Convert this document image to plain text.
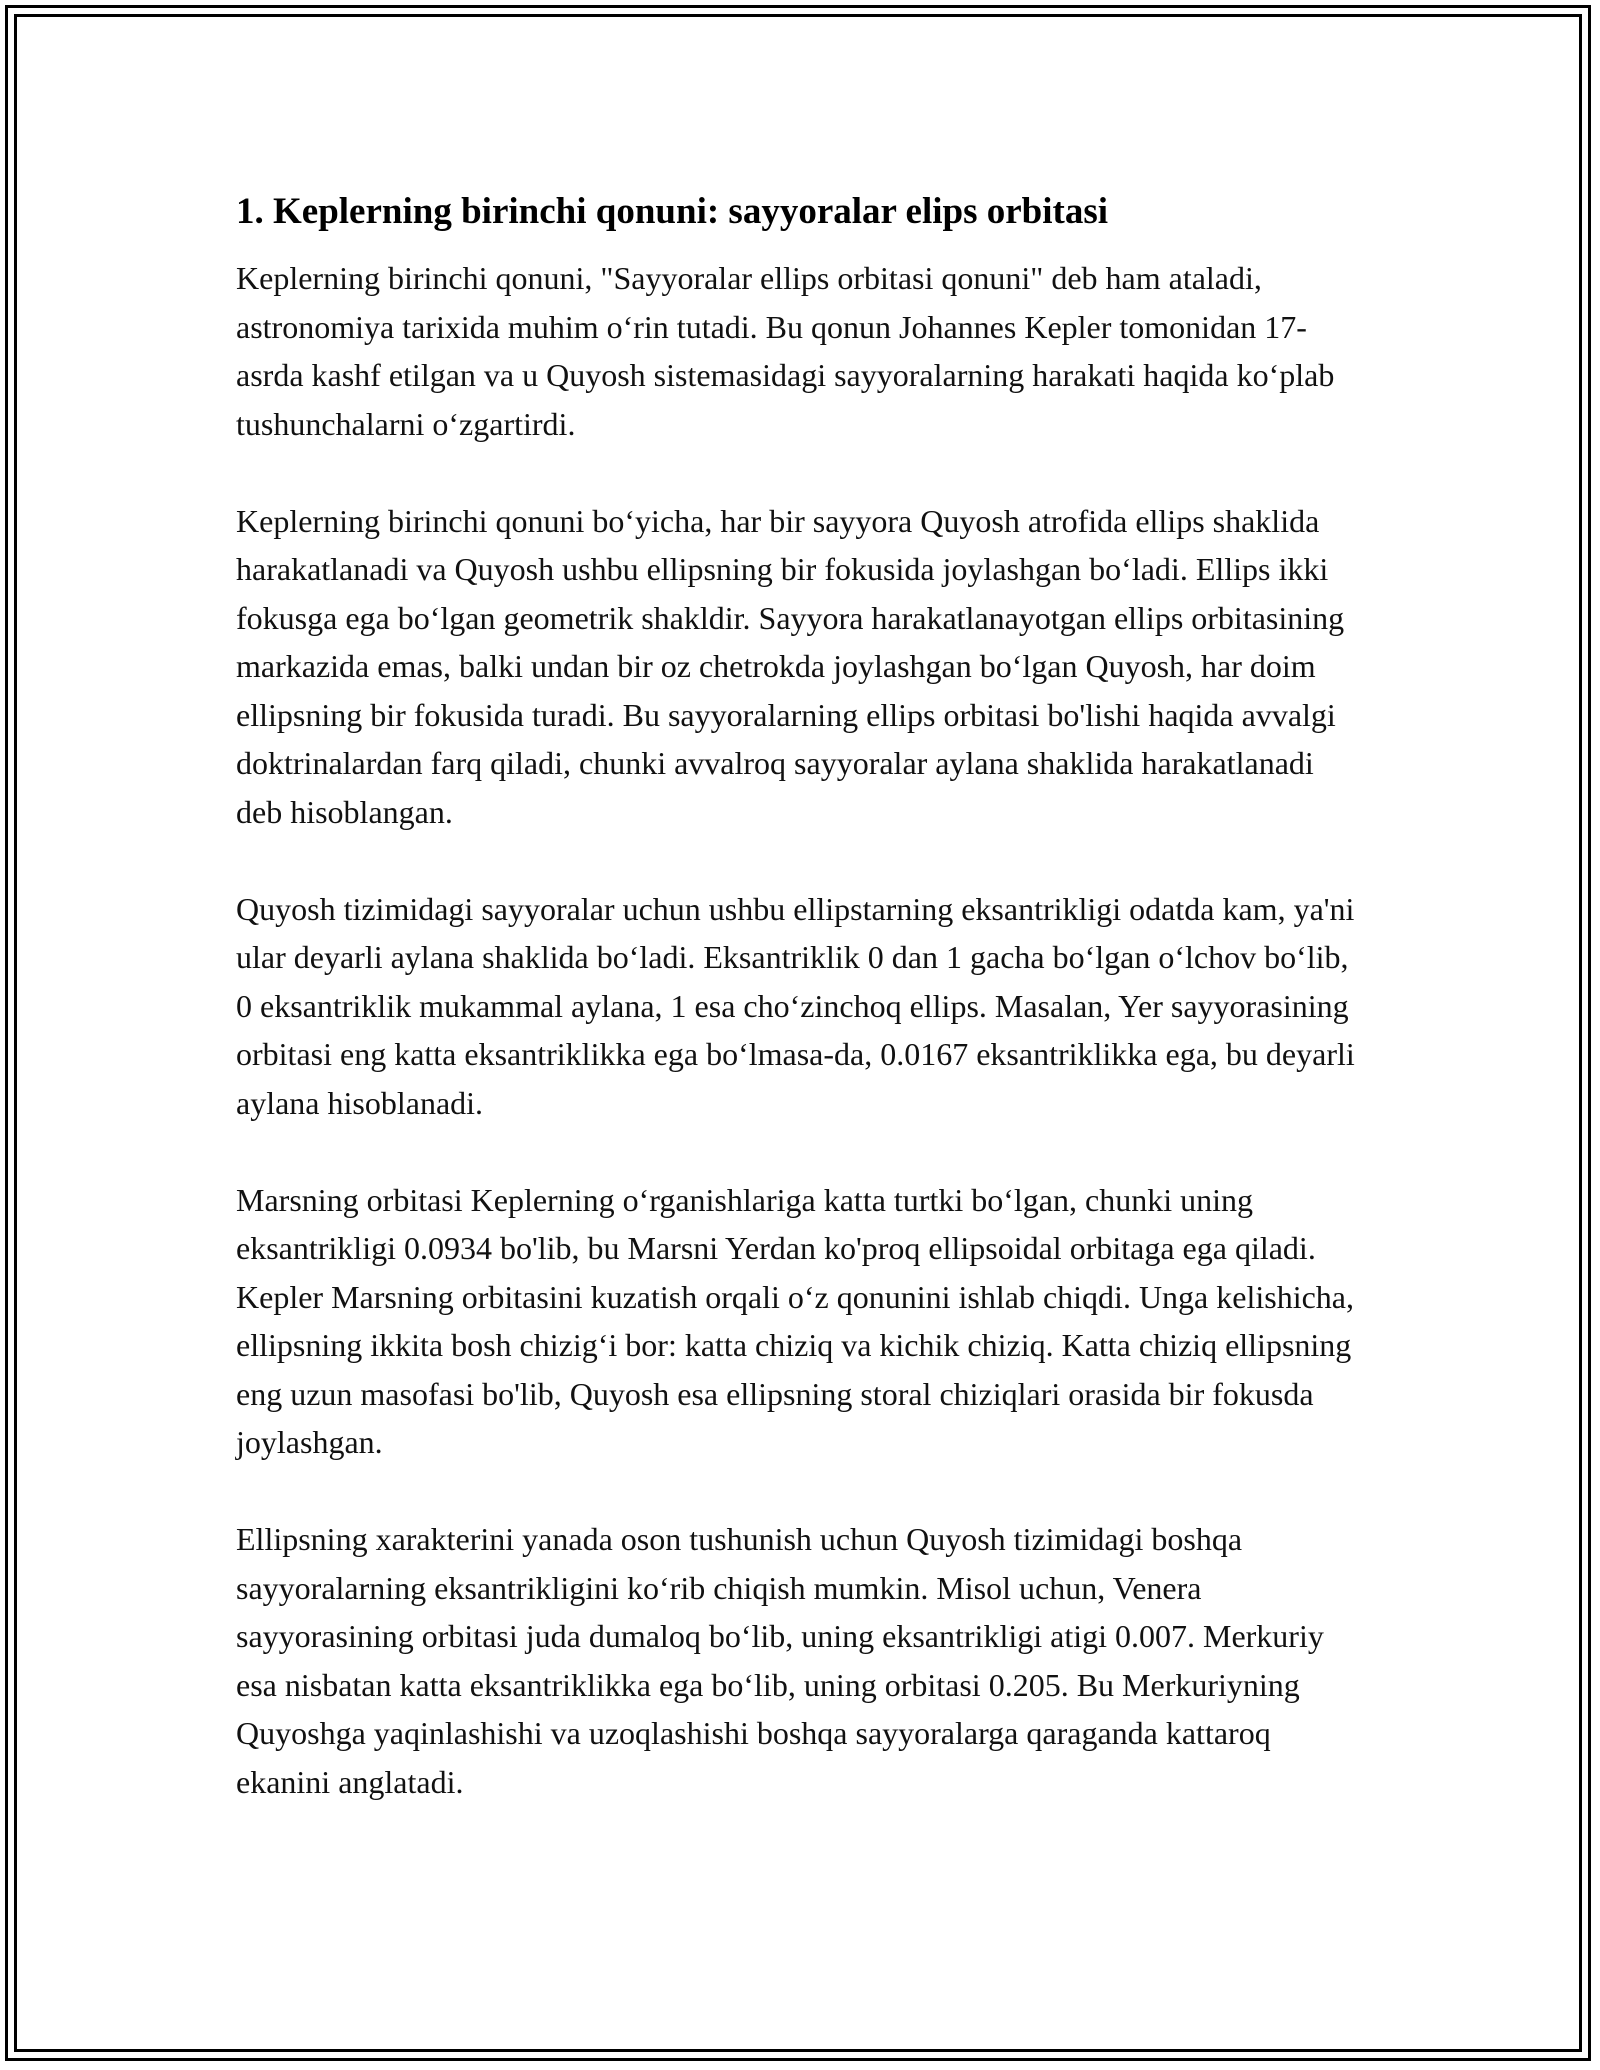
1. Keplerning birinchi qonuni: sayyoralar elips orbitasi

Keplerning birinchi qonuni, "Sayyoralar ellips orbitasi qonuni" deb ham ataladi, astronomiya tarixida muhim o‘rin tutadi. Bu qonun Johannes Kepler tomonidan 17-asrda kashf etilgan va u Quyosh sistemasidagi sayyoralarning harakati haqida ko‘plab tushunchalarni o‘zgartirdi.

Keplerning birinchi qonuni bo‘yicha, har bir sayyora Quyosh atrofida ellips shaklida harakatlanadi va Quyosh ushbu ellipsning bir fokusida joylashgan bo‘ladi. Ellips ikki fokusga ega bo‘lgan geometrik shakldir. Sayyora harakatlanayotgan ellips orbitasining markazida emas, balki undan bir oz chetrokda joylashgan bo‘lgan Quyosh, har doim ellipsning bir fokusida turadi. Bu sayyoralarning ellips orbitasi bo'lishi haqida avvalgi doktrinalardan farq qiladi, chunki avvalroq sayyoralar aylana shaklida harakatlanadi deb hisoblangan.

Quyosh tizimidagi sayyoralar uchun ushbu ellipstarning eksantrikligi odatda kam, ya'ni ular deyarli aylana shaklida bo‘ladi. Eksantriklik 0 dan 1 gacha bo‘lgan o‘lchov bo‘lib, 0 eksantriklik mukammal aylana, 1 esa cho‘zinchoq ellips. Masalan, Yer sayyorasining orbitasi eng katta eksantriklikka ega bo‘lmasa-da, 0.0167 eksantriklikka ega, bu deyarli aylana hisoblanadi.

Marsning orbitasi Keplerning o‘rganishlariga katta turtki bo‘lgan, chunki uning eksantrikligi 0.0934 bo'lib, bu Marsni Yerdan ko'proq ellipsoidal orbitaga ega qiladi. Kepler Marsning orbitasini kuzatish orqali o‘z qonunini ishlab chiqdi. Unga kelishicha, ellipsning ikkita bosh chizig‘i bor: katta chiziq va kichik chiziq. Katta chiziq ellipsning eng uzun masofasi bo'lib, Quyosh esa ellipsning storal chiziqlari orasida bir fokusda joylashgan.

Ellipsning xarakterini yanada oson tushunish uchun Quyosh tizimidagi boshqa sayyoralarning eksantrikligini ko‘rib chiqish mumkin. Misol uchun, Venera sayyorasining orbitasi juda dumaloq bo‘lib, uning eksantrikligi atigi 0.007. Merkuriy esa nisbatan katta eksantriklikka ega bo‘lib, uning orbitasi 0.205. Bu Merkuriyning Quyoshga yaqinlashishi va uzoqlashishi boshqa sayyoralarga qaraganda kattaroq ekanini anglatadi.
